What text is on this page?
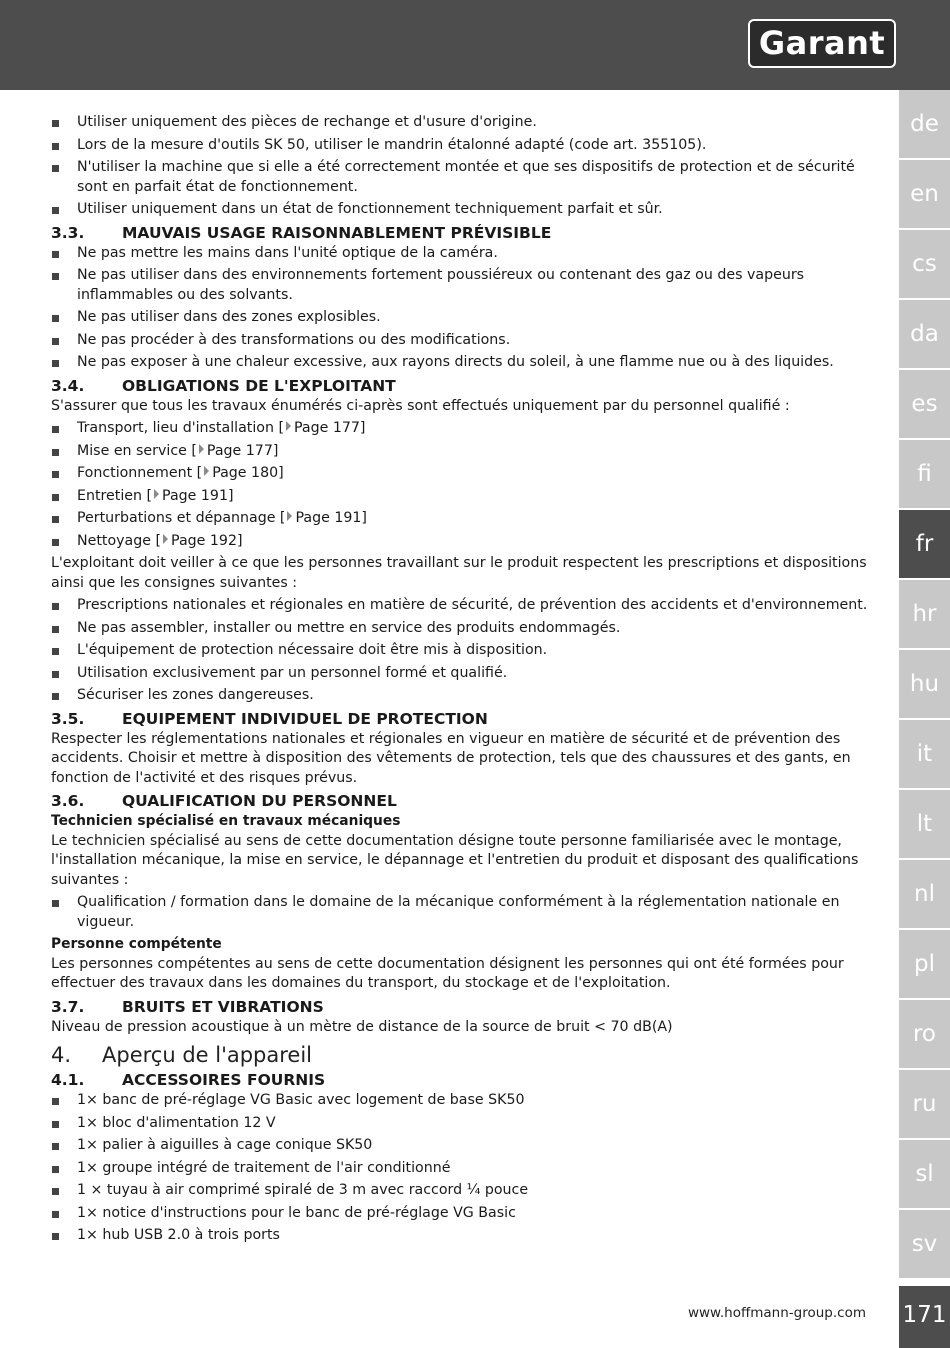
Garant
Utiliser uniquement des pièces de rechange et d'usure d'origine.
Lors de la mesure d'outils SK 50, utiliser le mandrin étalonné adapté (code art. 355105).
N'utiliser la machine que si elle a été correctement montée et que ses dispositifs de protection et de sécurité sont en parfait état de fonctionnement.
Utiliser uniquement dans un état de fonctionnement techniquement parfait et sûr.
3.3. MAUVAIS USAGE RAISONNABLEMENT PRÉVISIBLE
Ne pas mettre les mains dans l'unité optique de la caméra.
Ne pas utiliser dans des environnements fortement poussiéreux ou contenant des gaz ou des vapeurs inflammables ou des solvants.
Ne pas utiliser dans des zones explosibles.
Ne pas procéder à des transformations ou des modifications.
Ne pas exposer à une chaleur excessive, aux rayons directs du soleil, à une flamme nue ou à des liquides.
3.4. OBLIGATIONS DE L'EXPLOITANT
S'assurer que tous les travaux énumérés ci-après sont effectués uniquement par du personnel qualifié :
Transport, lieu d'installation [ Page 177]
Mise en service [ Page 177]
Fonctionnement [ Page 180]
Entretien [ Page 191]
Perturbations et dépannage [ Page 191]
Nettoyage [ Page 192]
L'exploitant doit veiller à ce que les personnes travaillant sur le produit respectent les prescriptions et dispositions ainsi que les consignes suivantes :
Prescriptions nationales et régionales en matière de sécurité, de prévention des accidents et d'environnement.
Ne pas assembler, installer ou mettre en service des produits endommagés.
L'équipement de protection nécessaire doit être mis à disposition.
Utilisation exclusivement par un personnel formé et qualifié.
Sécuriser les zones dangereuses.
3.5. EQUIPEMENT INDIVIDUEL DE PROTECTION
Respecter les réglementations nationales et régionales en vigueur en matière de sécurité et de prévention des accidents. Choisir et mettre à disposition des vêtements de protection, tels que des chaussures et des gants, en fonction de l'activité et des risques prévus.
3.6. QUALIFICATION DU PERSONNEL
Technicien spécialisé en travaux mécaniques
Le technicien spécialisé au sens de cette documentation désigne toute personne familiarisée avec le montage, l'installation mécanique, la mise en service, le dépannage et l'entretien du produit et disposant des qualifications suivantes :
Qualification / formation dans le domaine de la mécanique conformément à la réglementation nationale en vigueur.
Personne compétente
Les personnes compétentes au sens de cette documentation désignent les personnes qui ont été formées pour effectuer des travaux dans les domaines du transport, du stockage et de l'exploitation.
3.7. BRUITS ET VIBRATIONS
Niveau de pression acoustique à un mètre de distance de la source de bruit < 70 dB(A)
4. Aperçu de l'appareil
4.1. ACCESSOIRES FOURNIS
1× banc de pré-réglage VG Basic avec logement de base SK50
1× bloc d'alimentation 12 V
1× palier à aiguilles à cage conique SK50
1× groupe intégré de traitement de l'air conditionné
1 × tuyau à air comprimé spiralé de 3 m avec raccord ¼ pouce
1× notice d'instructions pour le banc de pré-réglage VG Basic
1× hub USB 2.0 à trois ports
de
en
cs
da
es
fi
fr
hr
hu
it
lt
nl
pl
ro
ru
sl
sv
171
www.hoffmann-group.com
